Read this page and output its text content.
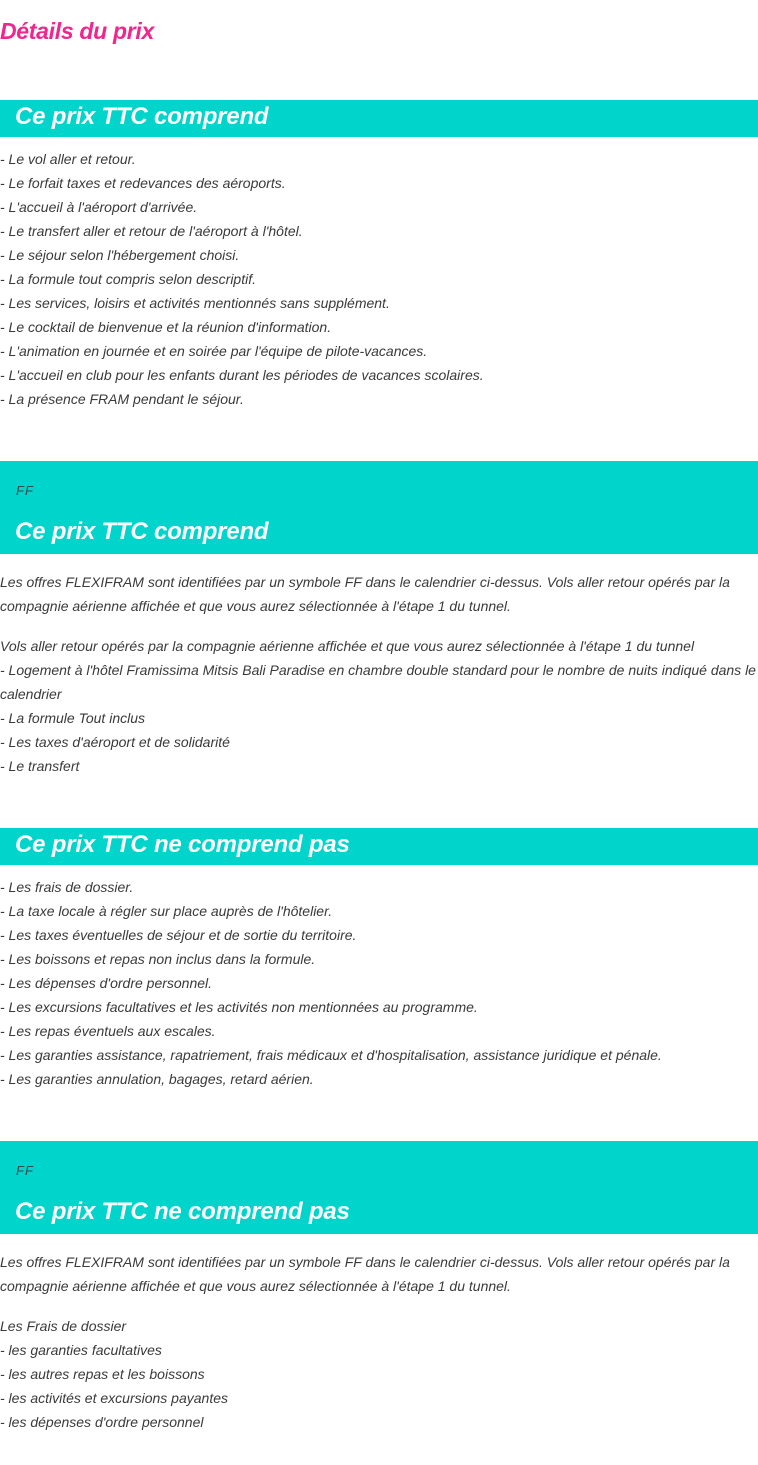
Détails du prix
Ce prix TTC comprend
- Le vol aller et retour.
- Le forfait taxes et redevances des aéroports.
- L'accueil à l'aéroport d'arrivée.
- Le transfert aller et retour de l'aéroport à l'hôtel.
- Le séjour selon l'hébergement choisi.
- La formule tout compris selon descriptif.
- Les services, loisirs et activités mentionnés sans supplément.
- Le cocktail de bienvenue et la réunion d'information.
- L'animation en journée et en soirée par l'équipe de pilote-vacances.
- L'accueil en club pour les enfants durant les périodes de vacances scolaires.
- La présence FRAM pendant le séjour.
FF
Ce prix TTC comprend

Les offres FLEXIFRAM sont identifiées par un symbole FF dans le calendrier ci-dessus. Vols aller retour opérés par la compagnie aérienne affichée et que vous aurez sélectionnée à l'étape 1 du tunnel.

Vols aller retour opérés par la compagnie aérienne affichée et que vous aurez sélectionnée à l'étape 1 du tunnel
- Logement à l'hôtel Framissima Mitsis Bali Paradise en chambre double standard pour le nombre de nuits indiqué dans le calendrier
- La formule Tout inclus
- Les taxes d'aéroport et de solidarité
- Le transfert
Ce prix TTC ne comprend pas
- Les frais de dossier.
- La taxe locale à régler sur place auprès de l'hôtelier.
- Les taxes éventuelles de séjour et de sortie du territoire.
- Les boissons et repas non inclus dans la formule.
- Les dépenses d'ordre personnel.
- Les excursions facultatives et les activités non mentionnées au programme.
- Les repas éventuels aux escales.
- Les garanties assistance, rapatriement, frais médicaux et d'hospitalisation, assistance juridique et pénale.
- Les garanties annulation, bagages, retard aérien.
FF
Ce prix TTC ne comprend pas

Les offres FLEXIFRAM sont identifiées par un symbole FF dans le calendrier ci-dessus. Vols aller retour opérés par la compagnie aérienne affichée et que vous aurez sélectionnée à l'étape 1 du tunnel.

Les Frais de dossier
- les garanties facultatives
- les autres repas et les boissons
- les activités et excursions payantes
- les dépenses d'ordre personnel
